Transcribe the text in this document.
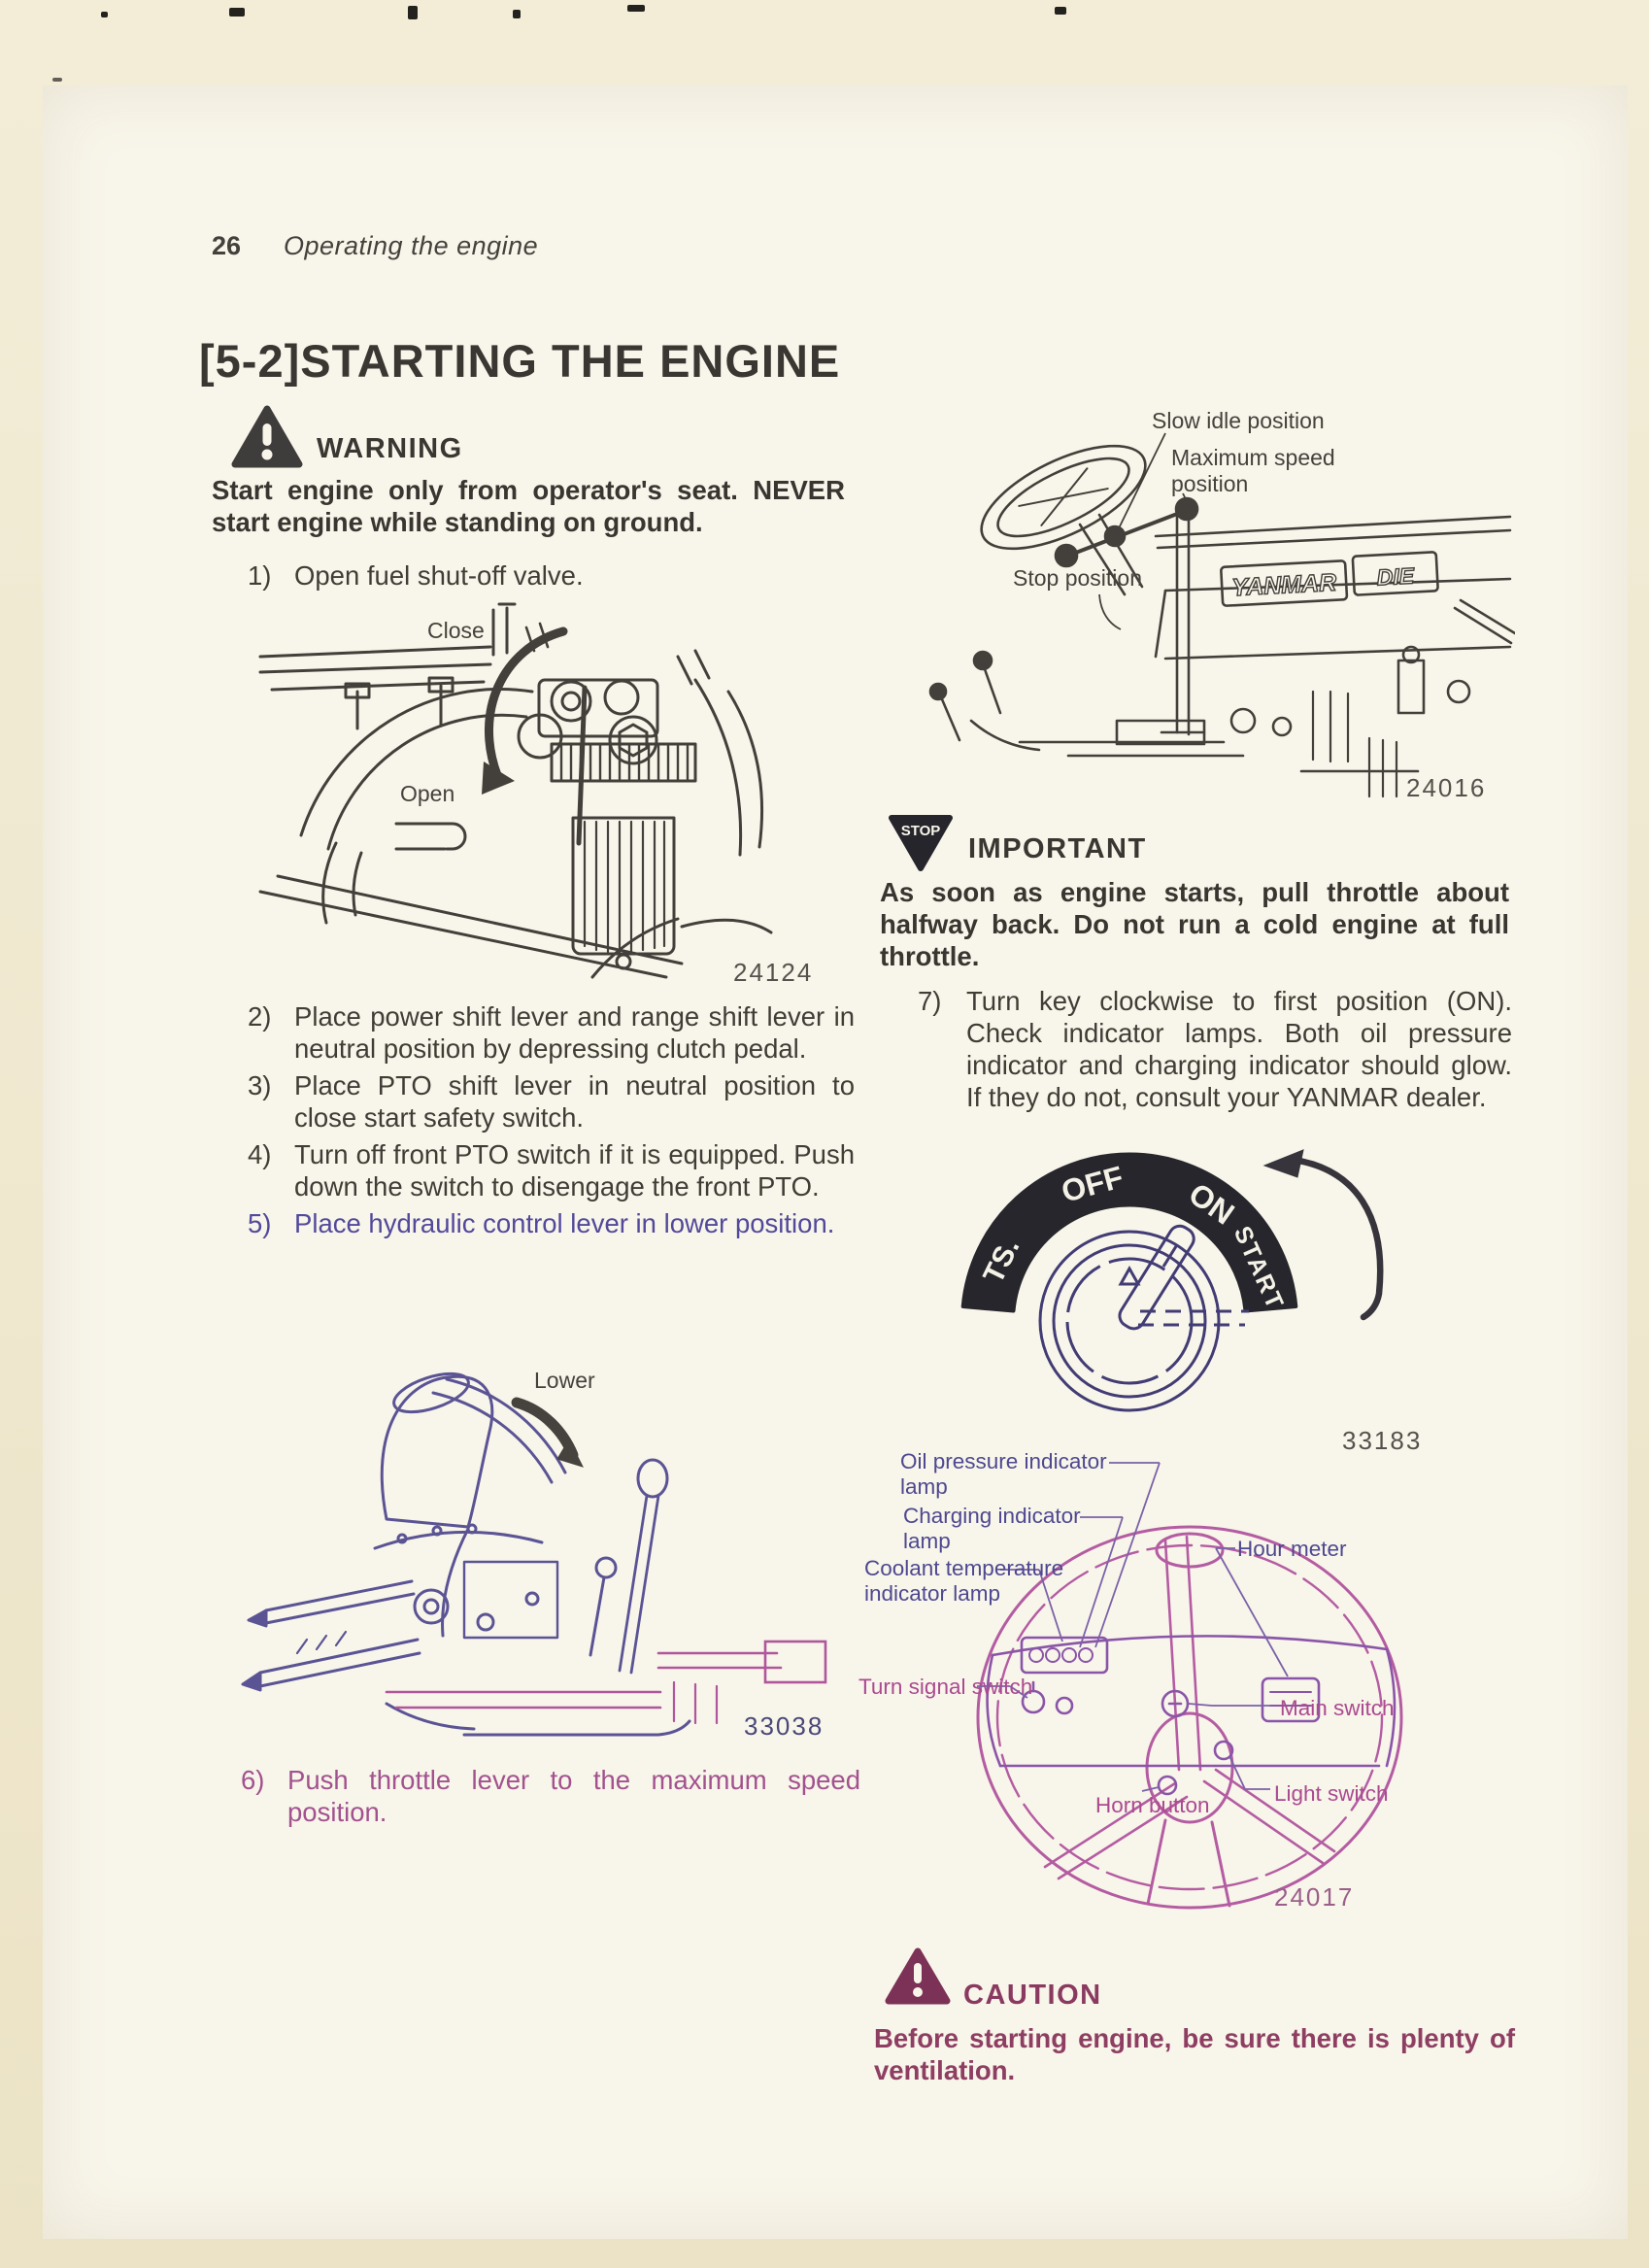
26 Operating the engine
[5-2]STARTING THE ENGINE
WARNING
Start engine only from operator's seat. NEVER start engine while standing on ground.
1) Open fuel shut-off valve.
Close
Open
24124
2) Place power shift lever and range shift lever in neutral position by depressing clutch pedal.
3) Place PTO shift lever in neutral position to close start safety switch.
4) Turn off front PTO switch if it is equipped. Push down the switch to disengage the front PTO.
5) Place hydraulic control lever in lower position.
Lower
33038
6) Push throttle lever to the maximum speed position.
YANMAR DIE
Slow idle position
Maximum speed position
Stop position
24016
STOP
IMPORTANT
As soon as engine starts, pull throttle about halfway back. Do not run a cold engine at full throttle.
7) Turn key clockwise to first position (ON). Check indicator lamps. Both oil pressure indicator and charging indicator should glow. If they do not, consult your YANMAR dealer.
TS.
OFF ON
START
33183
Oil pressure indicator lamp
Charging indicator lamp
Coolant temperature indicator lamp
Hour meter
Turn signal switch
Main switch
Horn button	Light switch
24017
CAUTION
Before starting engine, be sure there is plenty of ventilation.
